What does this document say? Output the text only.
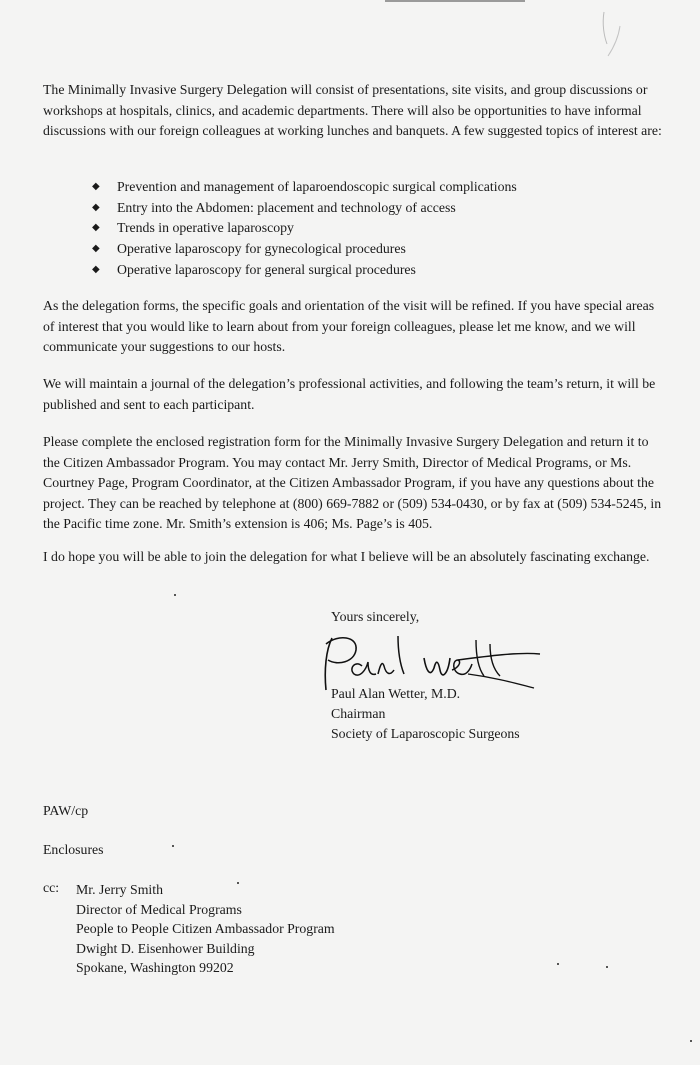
The Minimally Invasive Surgery Delegation will consist of presentations, site visits, and group discussions or workshops at hospitals, clinics, and academic departments. There will also be opportunities to have informal discussions with our foreign colleagues at working lunches and banquets. A few suggested topics of interest are:

◆ Prevention and management of laparoendoscopic surgical complications
◆ Entry into the Abdomen: placement and technology of access
◆ Trends in operative laparoscopy
◆ Operative laparoscopy for gynecological procedures
◆ Operative laparoscopy for general surgical procedures

As the delegation forms, the specific goals and orientation of the visit will be refined. If you have special areas of interest that you would like to learn about from your foreign colleagues, please let me know, and we will communicate your suggestions to our hosts.

We will maintain a journal of the delegation’s professional activities, and following the team’s return, it will be published and sent to each participant.

Please complete the enclosed registration form for the Minimally Invasive Surgery Delegation and return it to the Citizen Ambassador Program. You may contact Mr. Jerry Smith, Director of Medical Programs, or Ms. Courtney Page, Program Coordinator, at the Citizen Ambassador Program, if you have any questions about the project. They can be reached by telephone at (800) 669-7882 or (509) 534-0430, or by fax at (509) 534-5245, in the Pacific time zone. Mr. Smith’s extension is 406; Ms. Page’s is 405.

I do hope you will be able to join the delegation for what I believe will be an absolutely fascinating exchange.

Yours sincerely,
Paul Alan Wetter, M.D.
Chairman
Society of Laparoscopic Surgeons
PAW/cp
Enclosures
cc: Mr. Jerry Smith
Director of Medical Programs
People to People Citizen Ambassador Program
Dwight D. Eisenhower Building
Spokane, Washington 99202
